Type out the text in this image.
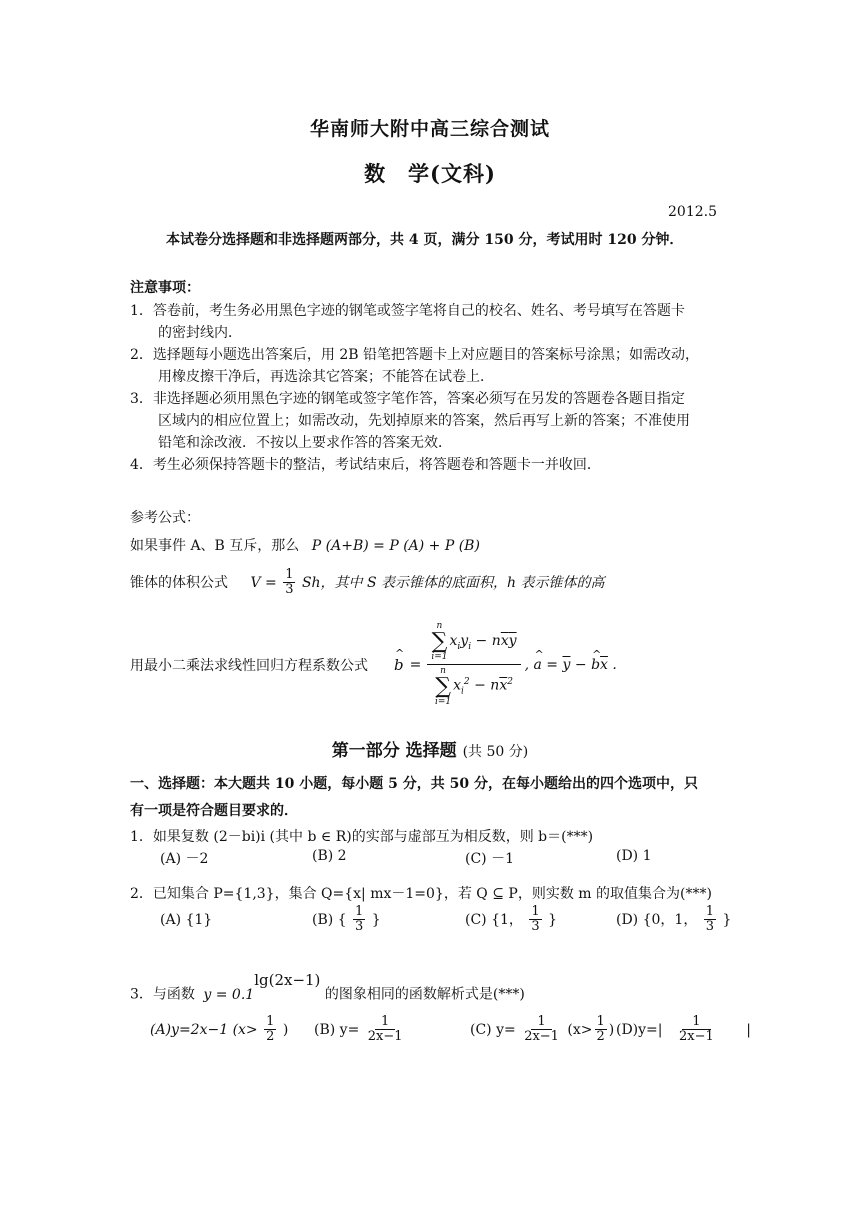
华南师大附中高三综合测试
数　学(文科)
2012.5
本试卷分选择题和非选择题两部分，共 4 页，满分 150 分，考试用时 120 分钟．
注意事项：
1．答卷前，考生务必用黑色字迹的钢笔或签字笔将自己的校名、姓名、考号填写在答题卡
的密封线内．
2．选择题每小题选出答案后，用 2B 铅笔把答题卡上对应题目的答案标号涂黑；如需改动，
用橡皮擦干净后，再选涂其它答案；不能答在试卷上．
3．非选择题必须用黑色字迹的钢笔或签字笔作答，答案必须写在另发的答题卷各题目指定
区域内的相应位置上；如需改动，先划掉原来的答案，然后再写上新的答案；不准使用
铅笔和涂改液．不按以上要求作答的答案无效．
4．考生必须保持答题卡的整洁，考试结束后，将答题卷和答题卡一并收回．
参考公式：
如果事件 A、B 互斥，那么 P (A+B) = P (A) + P (B)
锥体的体积公式 $V = \frac{1}{3}$ Sh，其中 S 表示锥体的底面积，h 表示锥体的高
用最小二乘法求线性回归方程系数公式 ^ b =
n
∑
i=1
$x_iy_i - n\overline{x}\overline{y}$
n
∑
i=1
$x_i^2 - n\overline{x}^2$
, ^ $a = \overline{y}$ − ^ $b\overline{x}$ .
第一部分 选择题 (共 50 分)
一、选择题：本大题共 10 小题，每小题 5 分，共 50 分，在每小题给出的四个选项中，只
有一项是符合题目要求的．
1．如果复数 (2－bi)i (其中 b ∈ R)的实部与虚部互为相反数，则 b＝(***)
(A) －2	(B) 2	(C) －1	(D) 1
2．已知集合 P={1,3}，集合 Q={x| mx－1=0}，若 Q ⊆ P，则实数 m 的取值集合为(***)
(A) {1}	(B) { $\frac{1}{3}$ }	(C) {1， $\frac{1}{3}$ }	(D) {0，1， $\frac{1}{3}$ }
3．与函数 $y = 0.1^{lg(2x-1)}$ 的图象相同的函数解析式是(***)
(A)y=2x−1 ($x> \frac{1}{2}$ ) (B) $y= \frac{1}{2x-1}$	(C) $y= \frac{1}{2x-1} (x> \frac{1}{2}$ ) $(D)y=| \frac{1}{2x-1}$ |
